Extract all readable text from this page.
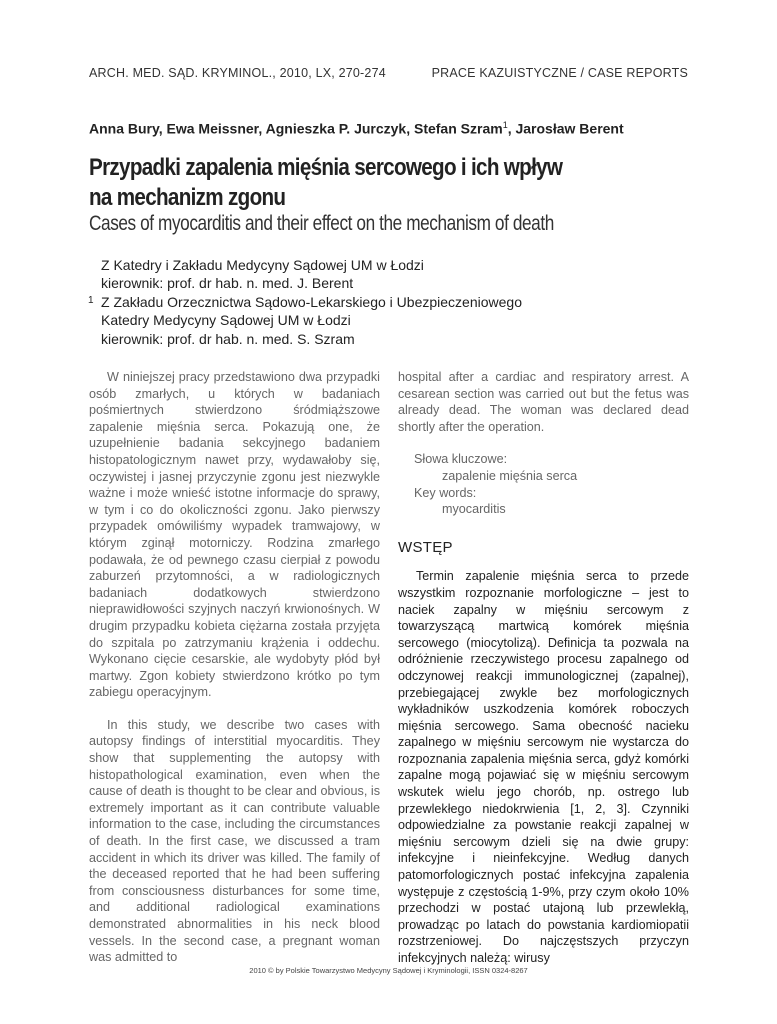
ARCH. MED. SĄD. KRYMINOL., 2010, LX, 270-274	PRACE KAZUISTYCZNE / CASE REPORTS
Anna Bury, Ewa Meissner, Agnieszka P. Jurczyk, Stefan Szram$^1$, Jarosław Berent
Przypadki zapalenia mięśnia sercowego i ich wpływ
na mechanizm zgonu
Cases of myocarditis and their effect on the mechanism of death
Z Katedry i Zakładu Medycyny Sądowej UM w Łodzi
kierownik: prof. dr hab. n. med. J. Berent
1 Z Zakładu Orzecznictwa Sądowo-Lekarskiego i Ubezpieczeniowego
Katedry Medycyny Sądowej UM w Łodzi
kierownik: prof. dr hab. n. med. S. Szram

W niniejszej pracy przedstawiono dwa przypadki osób zmarłych, u których w badaniach pośmiertnych stwierdzono śródmiąższowe zapalenie mięśnia serca. Pokazują one, że uzupełnienie badania sekcyjnego badaniem histopatologicznym nawet przy, wydawałoby się, oczywistej i jasnej przyczynie zgonu jest niezwykle ważne i może wnieść istotne informacje do sprawy, w tym i co do okoliczności zgonu. Jako pierwszy przypadek omówiliśmy wypadek tramwajowy, w którym zginął motorniczy. Rodzina zmarłego podawała, że od pewnego czasu cierpiał z powodu zaburzeń przytomności, a w radiologicznych badaniach dodatkowych stwierdzono nieprawidłowości szyjnych naczyń krwionośnych. W drugim przypadku kobieta ciężarna została przyjęta do szpitala po zatrzymaniu krążenia i oddechu. Wykonano cięcie cesarskie, ale wydobyty płód był martwy. Zgon kobiety stwierdzono krótko po tym zabiegu operacyjnym.

In this study, we describe two cases with autopsy findings of interstitial myocarditis. They show that supplementing the autopsy with histopathological examination, even when the cause of death is thought to be clear and obvious, is extremely important as it can contribute valuable information to the case, including the circumstances of death. In the first case, we discussed a tram accident in which its driver was killed. The family of the deceased reported that he had been suffering from consciousness disturbances for some time, and additional radiological examinations demonstrated abnormalities in his neck blood vessels. In the second case, a pregnant woman was admitted to

hospital after a cardiac and respiratory arrest. A cesarean section was carried out but the fetus was already dead. The woman was declared dead shortly after the operation.

Słowa kluczowe:
zapalenie mięśnia serca
Key words:
myocarditis
WSTĘP

Termin zapalenie mięśnia serca to przede wszystkim rozpoznanie morfologiczne – jest to naciek zapalny w mięśniu sercowym z towarzyszącą martwicą komórek mięśnia sercowego (miocytolizą). Definicja ta pozwala na odróżnienie rzeczywistego procesu zapalnego od odczynowej reakcji immunologicznej (zapalnej), przebiegającej zwykle bez morfologicznych wykładników uszkodzenia komórek roboczych mięśnia sercowego. Sama obecność nacieku zapalnego w mięśniu sercowym nie wystarcza do rozpoznania zapalenia mięśnia serca, gdyż komórki zapalne mogą pojawiać się w mięśniu sercowym wskutek wielu jego chorób, np. ostrego lub przewlekłego niedokrwienia [1, 2, 3]. Czynniki odpowiedzialne za powstanie reakcji zapalnej w mięśniu sercowym dzieli się na dwie grupy: infekcyjne i nieinfekcyjne. Według danych patomorfologicznych postać infekcyjna zapalenia występuje z częstością 1-9%, przy czym około 10% przechodzi w postać utajoną lub przewlekłą, prowadząc po latach do powstania kardiomiopatii rozstrzeniowej. Do najczęstszych przyczyn infekcyjnych należą: wirusy

2010 © by Polskie Towarzystwo Medycyny Sądowej i Kryminologii, ISSN 0324-8267
